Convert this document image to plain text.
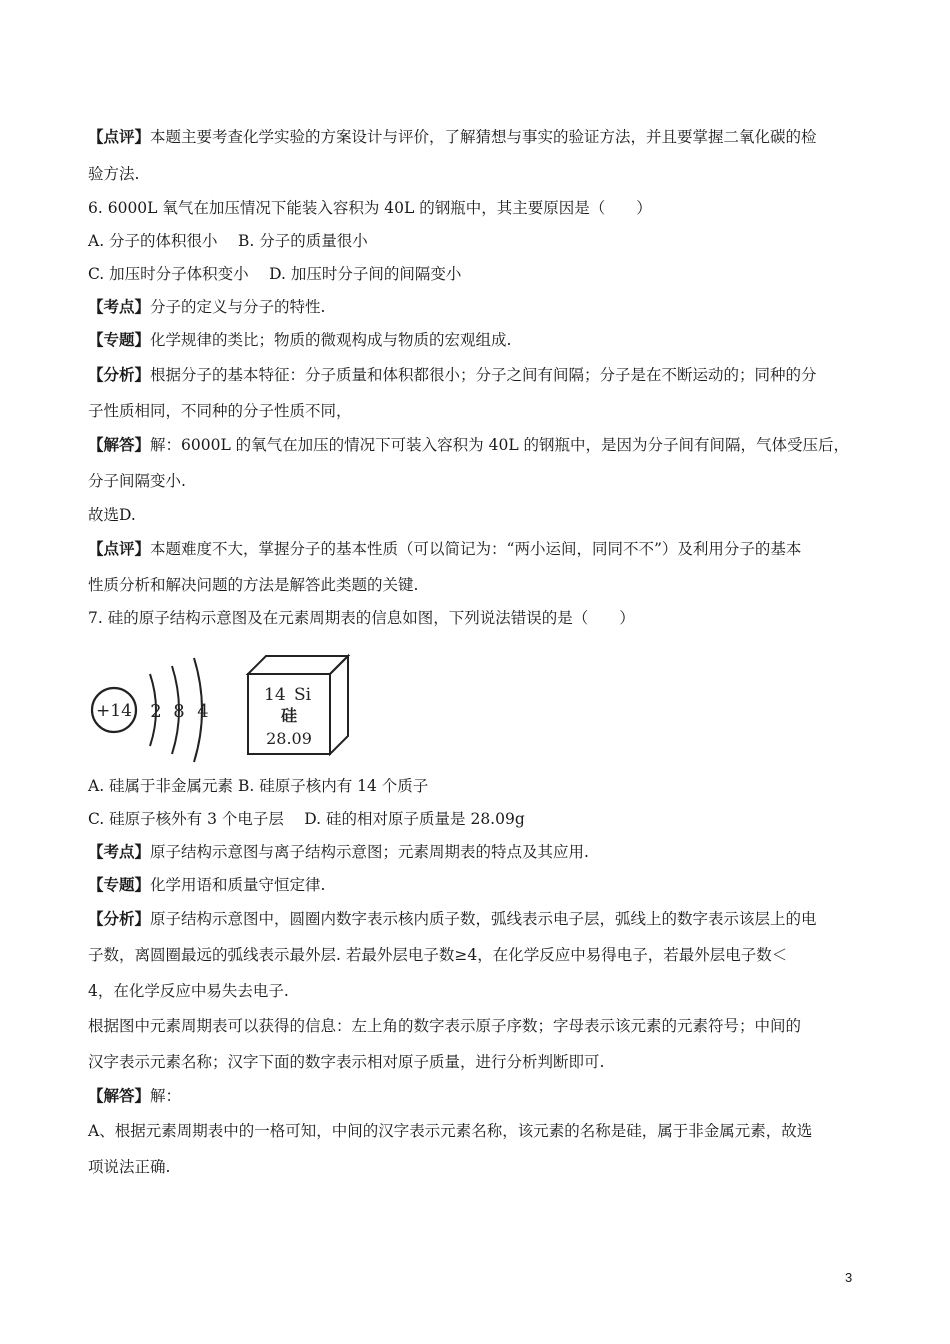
【点评】本题主要考查化学实验的方案设计与评价，了解猜想与事实的验证方法，并且要掌握二氧化碳的检
验方法.
6. 6000L 氧气在加压情况下能装入容积为 40L 的钢瓶中，其主要原因是（　　）
A. 分子的体积很小　 B. 分子的质量很小
C. 加压时分子体积变小　 D. 加压时分子间的间隔变小
【考点】分子的定义与分子的特性.
【专题】化学规律的类比；物质的微观构成与物质的宏观组成.
【分析】根据分子的基本特征：分子质量和体积都很小；分子之间有间隔；分子是在不断运动的；同种的分
子性质相同，不同种的分子性质不同，
【解答】解：6000L 的氧气在加压的情况下可装入容积为 40L 的钢瓶中，是因为分子间有间隔，气体受压后，
分子间隔变小.
故选D.
【点评】本题难度不大，掌握分子的基本性质（可以简记为：“两小运间，同同不不”）及利用分子的基本
性质分析和解决问题的方法是解答此类题的关键.
7. 硅的原子结构示意图及在元素周期表的信息如图，下列说法错误的是（　　）
+14 2 8 4
14 Si
硅
28.09
A. 硅属于非金属元素 B. 硅原子核内有 14 个质子
C. 硅原子核外有 3 个电子层　 D. 硅的相对原子质量是 28.09g
【考点】原子结构示意图与离子结构示意图；元素周期表的特点及其应用.
【专题】化学用语和质量守恒定律.
【分析】原子结构示意图中，圆圈内数字表示核内质子数，弧线表示电子层，弧线上的数字表示该层上的电
子数，离圆圈最远的弧线表示最外层. 若最外层电子数≥4，在化学反应中易得电子，若最外层电子数＜
4，在化学反应中易失去电子.
根据图中元素周期表可以获得的信息：左上角的数字表示原子序数；字母表示该元素的元素符号；中间的
汉字表示元素名称；汉字下面的数字表示相对原子质量，进行分析判断即可.
【解答】解：
A、根据元素周期表中的一格可知，中间的汉字表示元素名称，该元素的名称是硅，属于非金属元素，故选
项说法正确.
3
